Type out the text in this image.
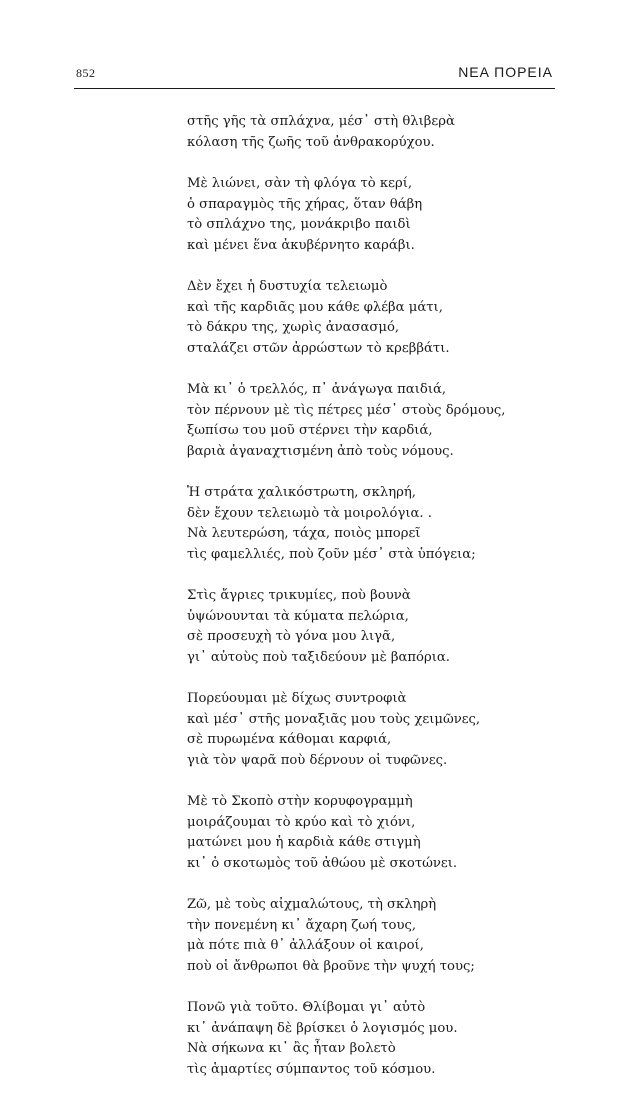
852	ΝΕΑ ΠΟΡΕΙΑ
στῆς γῆς τὰ σπλάχνα, μέσ᾽ στὴ θλιβερὰ
κόλαση τῆς ζωῆς τοῦ ἀνθρακορύχου.
Μὲ λιώνει, σὰν τὴ φλόγα τὸ κερί,
ὁ σπαραγμὸς τῆς χήρας, ὅταν θάβη
τὸ σπλάχνο της, μονάκριβο παιδὶ
καὶ μένει ἕνα ἀκυβέρνητο καράβι.
Δὲν ἔχει ἡ δυστυχία τελειωμὸ
καὶ τῆς καρδιᾶς μου κάθε φλέβα μάτι,
τὸ δάκρυ της, χωρὶς ἀνασασμό,
σταλάζει στῶν ἀρρώστων τὸ κρεββάτι.
Μὰ κι᾽ ὁ τρελλός, π᾽ ἀνάγωγα παιδιά,
τὸν πέρνουν μὲ τὶς πέτρες μέσ᾽ στοὺς δρόμους,
ξωπίσω του μοῦ στέρνει τὴν καρδιά,
βαριὰ ἀγαναχτισμένη ἀπὸ τοὺς νόμους.
Ἡ στράτα χαλικόστρωτη, σκληρή,
δὲν ἔχουν τελειωμὸ τὰ μοιρολόγια. .
Νὰ λευτερώση, τάχα, ποιὸς μπορεῖ
τὶς φαμελλιές, ποὺ ζοῦν μέσ᾽ στὰ ὑπόγεια;
Στὶς ἄγριες τρικυμίες, ποὺ βουνὰ
ὑψώνουνται τὰ κύματα πελώρια,
σὲ προσευχὴ τὸ γόνα μου λιγᾶ,
γι᾽ αὐτοὺς ποὺ ταξιδεύουν μὲ βαπόρια.
Πορεύουμαι μὲ δίχως συντροφιὰ
καὶ μέσ᾽ στῆς μοναξιᾶς μου τοὺς χειμῶνες,
σὲ πυρωμένα κάθομαι καρφιά,
γιὰ τὸν ψαρᾶ ποὺ δέρνουν οἱ τυφῶνες.
Μὲ τὸ Σκοπὸ στὴν κορυφογραμμὴ
μοιράζουμαι τὸ κρύο καὶ τὸ χιόνι,
ματώνει μου ἡ καρδιὰ κάθε στιγμὴ
κι᾽ ὁ σκοτωμὸς τοῦ ἀθώου μὲ σκοτώνει.
Ζῶ, μὲ τοὺς αἰχμαλώτους, τὴ σκληρὴ
τὴν πονεμένη κι᾽ ἄχαρη ζωή τους,
μὰ πότε πιὰ θ᾽ ἀλλάξουν οἱ καιροί,
ποὺ οἱ ἄνθρωποι θὰ βροῦνε τὴν ψυχή τους;
Πονῶ γιὰ τοῦτο. Θλίβομαι γι᾽ αὐτὸ
κι᾽ ἀνάπαψη δὲ βρίσκει ὁ λογισμός μου.
Νὰ σήκωνα κι᾽ ἂς ἦταν βολετὸ
τὶς ἁμαρτίες σύμπαντος τοῦ κόσμου.
